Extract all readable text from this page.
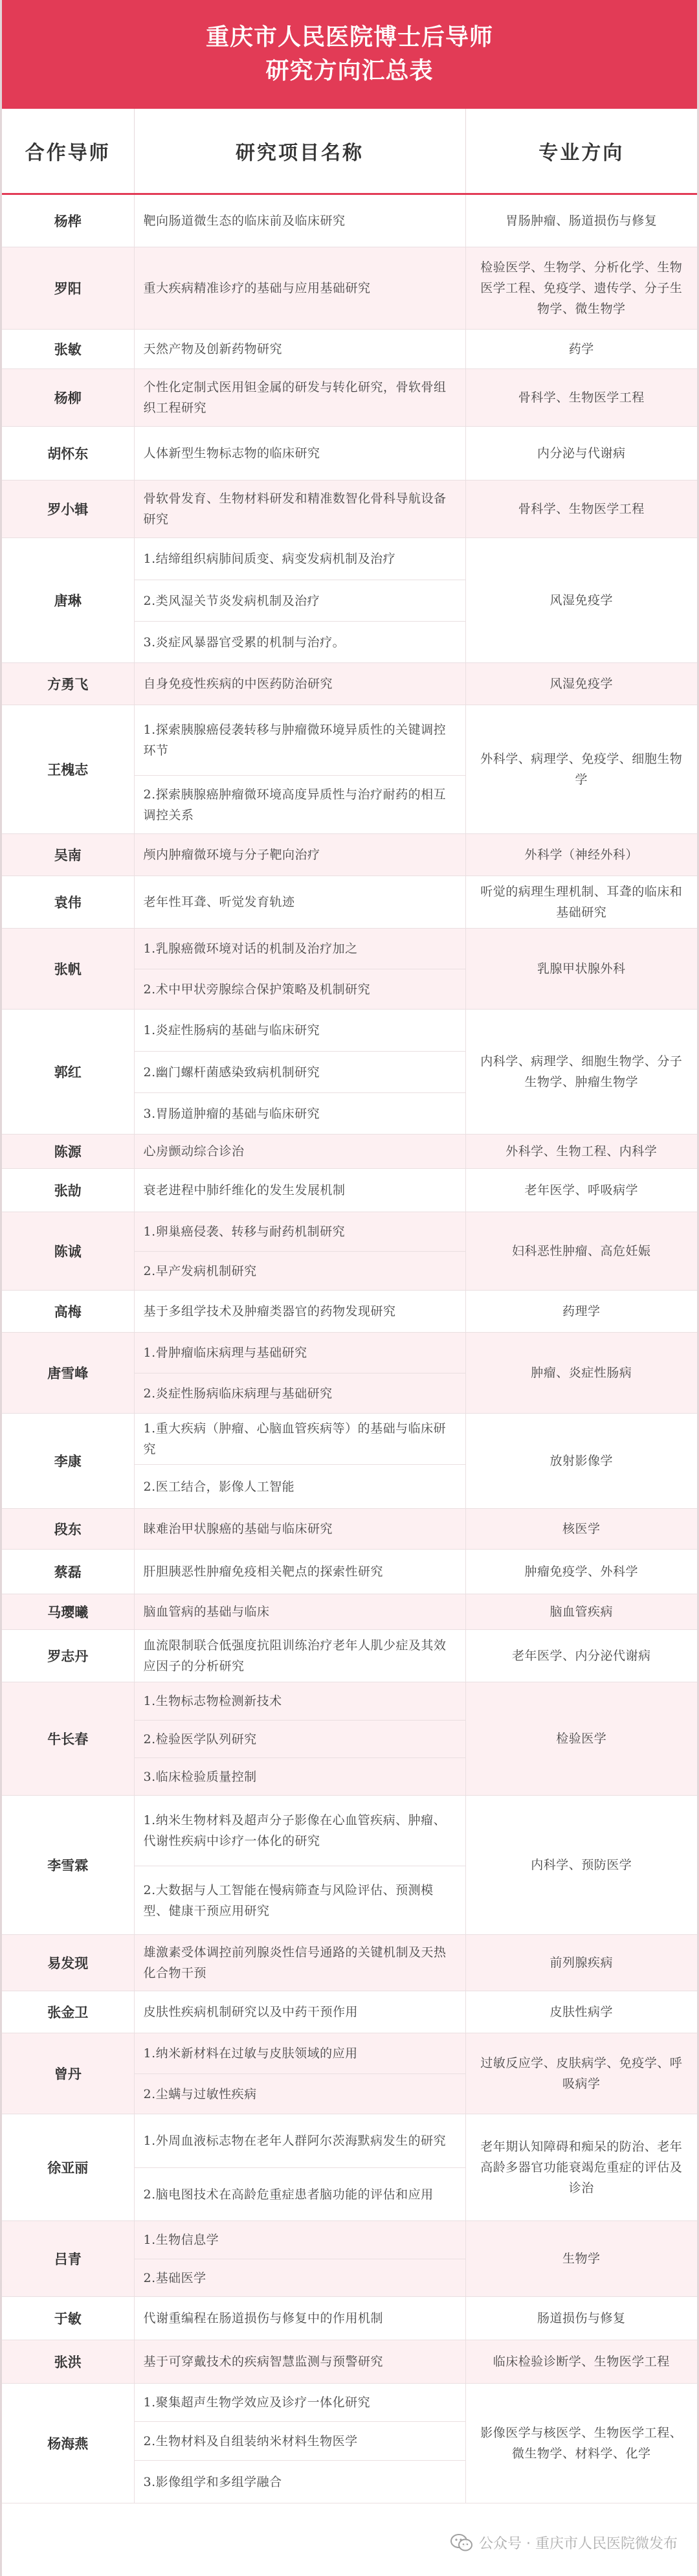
重庆市人民医院博士后导师
研究方向汇总表
合作导师	研究项目名称	专业方向
杨桦	靶向肠道微生态的临床前及临床研究	胃肠肿瘤、肠道损伤与修复
罗阳	重大疾病精准诊疗的基础与应用基础研究	检验医学、生物学、分析化学、生物医学工程、免疫学、遗传学、分子生物学、微生物学
张敏	天然产物及创新药物研究	药学
杨柳	个性化定制式医用钽金属的研发与转化研究，骨软骨组织工程研究	骨科学、生物医学工程
胡怀东	人体新型生物标志物的临床研究	内分泌与代谢病
罗小辑	骨软骨发育、生物材料研发和精准数智化骨科导航设备研究	骨科学、生物医学工程
唐琳	1.结缔组织病肺间质变、病变发病机制及治疗
2.类风湿关节炎发病机制及治疗
3.炎症风暴器官受累的机制与治疗。	风湿免疫学
方勇飞	自身免疫性疾病的中医药防治研究	风湿免疫学
王槐志	1.探索胰腺癌侵袭转移与肿瘤微环境异质性的关键调控环节
2.探索胰腺癌肿瘤微环境高度异质性与治疗耐药的相互调控关系	外科学、病理学、免疫学、细胞生物学
吴南	颅内肿瘤微环境与分子靶向治疗	外科学（神经外科）
袁伟	老年性耳聋、听觉发育轨迹	听觉的病理生理机制、耳聋的临床和基础研究
张帆	1.乳腺癌微环境对话的机制及治疗加之
2.术中甲状旁腺综合保护策略及机制研究	乳腺甲状腺外科
郭红	1.炎症性肠病的基础与临床研究
2.幽门螺杆菌感染致病机制研究
3.胃肠道肿瘤的基础与临床研究	内科学、病理学、细胞生物学、分子生物学、肿瘤生物学
陈源	心房颤动综合诊治	外科学、生物工程、内科学
张劼	衰老进程中肺纤维化的发生发展机制	老年医学、呼吸病学
陈诚	1.卵巢癌侵袭、转移与耐药机制研究
2.早产发病机制研究	妇科恶性肿瘤、高危妊娠
高梅	基于多组学技术及肿瘤类器官的药物发现研究	药理学
唐雪峰	1.骨肿瘤临床病理与基础研究
2.炎症性肠病临床病理与基础研究	肿瘤、炎症性肠病
李康	1.重大疾病（肿瘤、心脑血管疾病等）的基础与临床研究
2.医工结合，影像人工智能	放射影像学
段东	睐难治甲状腺癌的基础与临床研究	核医学
蔡磊	肝胆胰恶性肿瘤免疫相关靶点的探索性研究	肿瘤免疫学、外科学
马璎曦	脑血管病的基础与临床	脑血管疾病
罗志丹	血流限制联合低强度抗阻训练治疗老年人肌少症及其效应因子的分析研究	老年医学、内分泌代谢病
牛长春	1.生物标志物检测新技术
2.检验医学队列研究
3.临床检验质量控制	检验医学
李雪霖	1.纳米生物材料及超声分子影像在心血管疾病、肿瘤、代谢性疾病中诊疗一体化的研究
2.大数据与人工智能在慢病筛查与风险评估、预测模型、健康干预应用研究	内科学、预防医学
易发现	雄激素受体调控前列腺炎性信号通路的关键机制及天热化合物干预	前列腺疾病
张金卫	皮肤性疾病机制研究以及中药干预作用	皮肤性病学
曾丹	1.纳米新材料在过敏与皮肤领域的应用
2.尘螨与过敏性疾病	过敏反应学、皮肤病学、免疫学、呼吸病学
徐亚丽	1.外周血液标志物在老年人群阿尔茨海默病发生的研究
2.脑电图技术在高龄危重症患者脑功能的评估和应用	老年期认知障碍和痴呆的防治、老年高龄多器官功能衰竭危重症的评估及诊治
吕青	1.生物信息学
2.基础医学	生物学
于敏	代谢重编程在肠道损伤与修复中的作用机制	肠道损伤与修复
张洪	基于可穿戴技术的疾病智慧监测与预警研究	临床检验诊断学、生物医学工程
杨海燕	1.聚集超声生物学效应及诊疗一体化研究
2.生物材料及自组装纳米材料生物医学
3.影像组学和多组学融合	影像医学与核医学、生物医学工程、微生物学、材料学、化学
公众号 · 重庆市人民医院微发布
